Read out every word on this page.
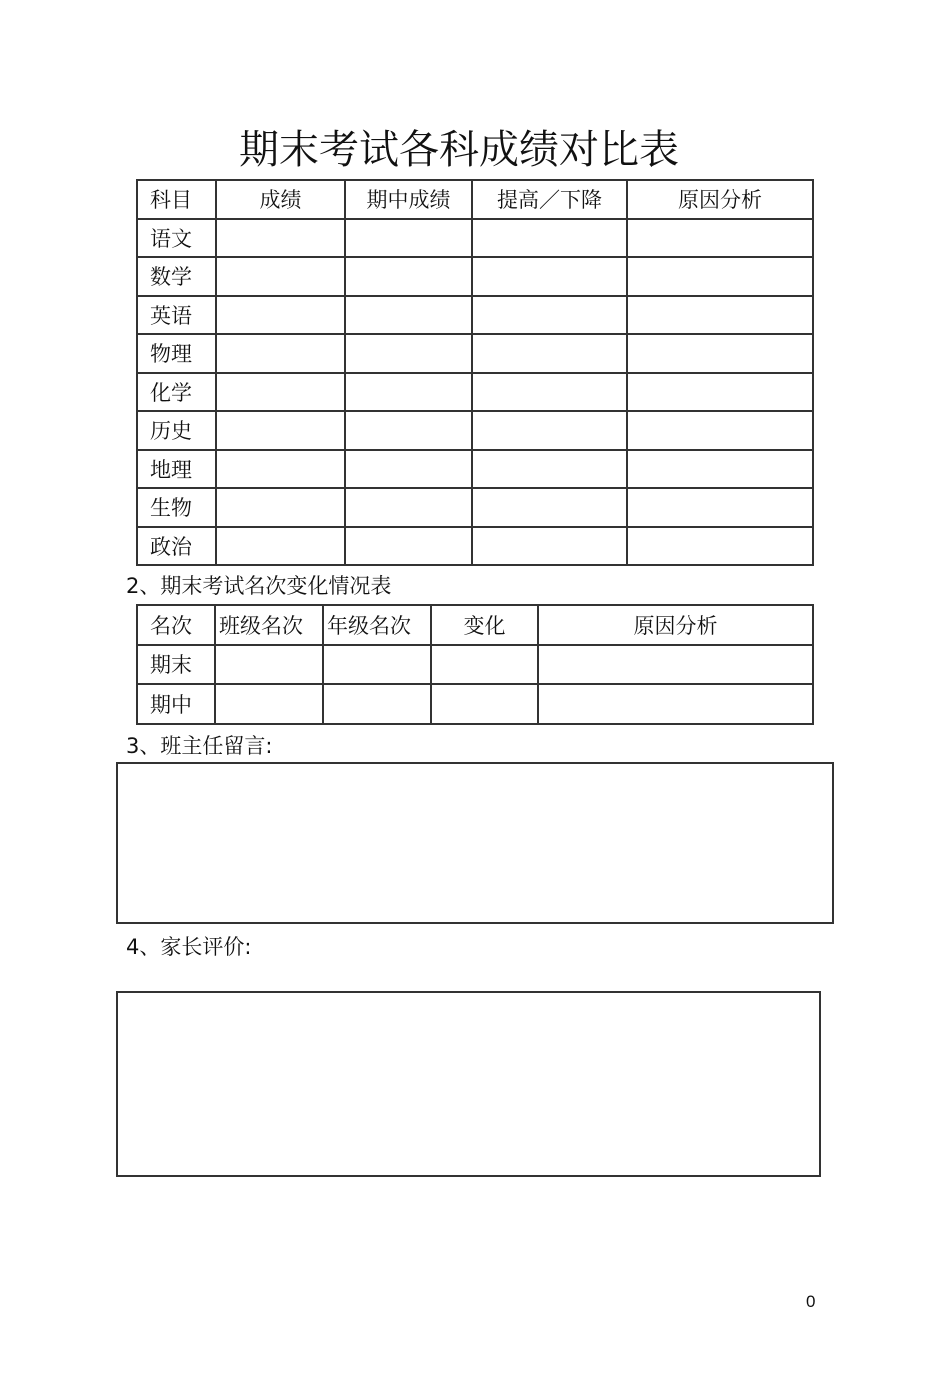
期末考试各科成绩对比表
科目	成绩	期中成绩	提高／下降	原因分析
语文				
数学				
英语				
物理				
化学				
历史				
地理				
生物				
政治				
2、期末考试名次变化情况表
名次	班级名次	年级名次	变化	原因分析
期末				
期中				
3、班主任留言:
4、家长评价:
0
